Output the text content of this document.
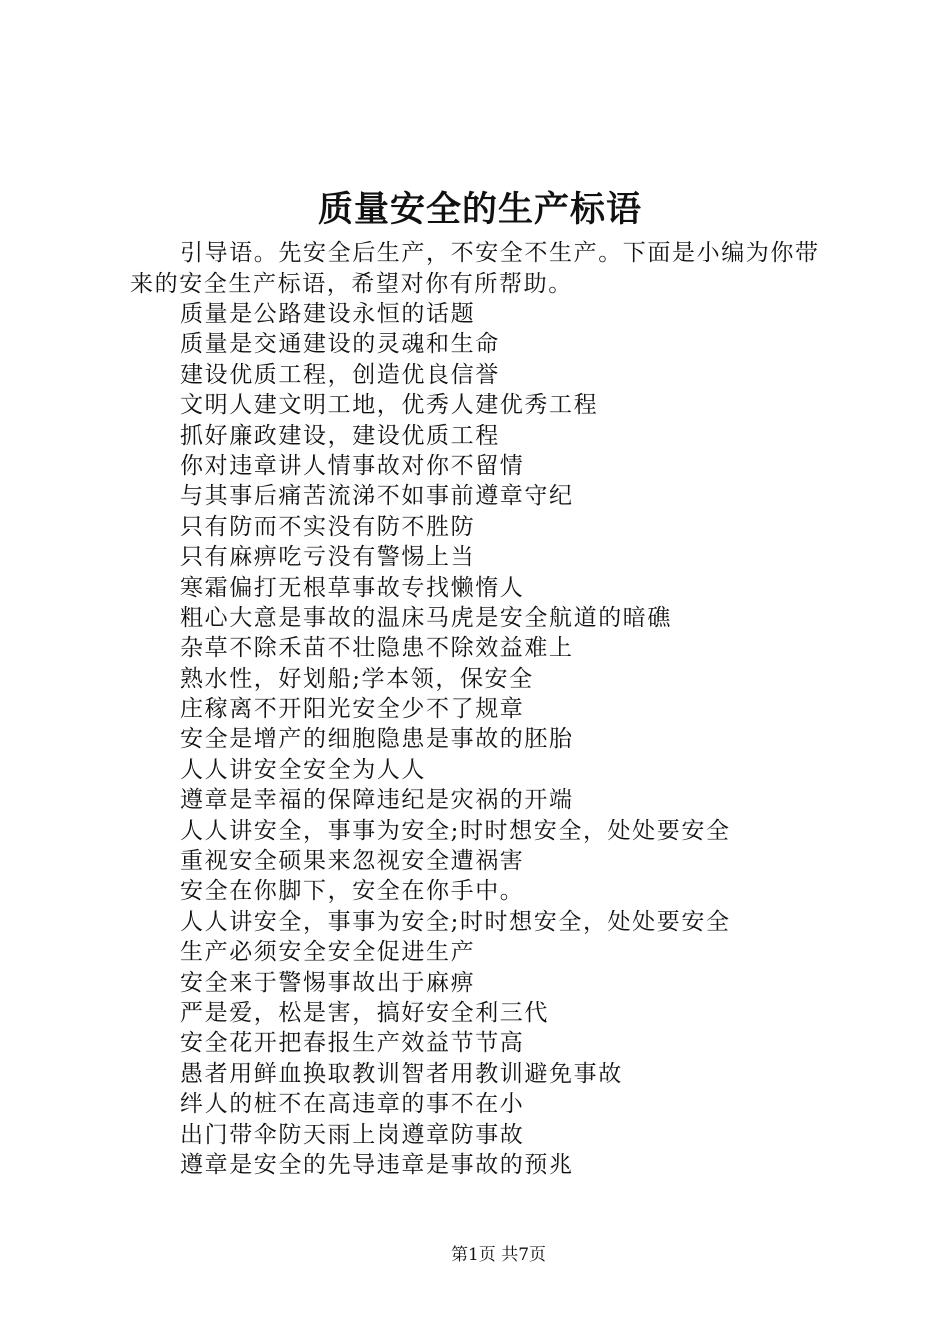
质量安全的生产标语

引导语。先安全后生产，不安全不生产。下面是小编为你带来的安全生产标语，希望对你有所帮助。

质量是公路建设永恒的话题
质量是交通建设的灵魂和生命
建设优质工程，创造优良信誉
文明人建文明工地，优秀人建优秀工程
抓好廉政建设，建设优质工程
你对违章讲人情事故对你不留情
与其事后痛苦流涕不如事前遵章守纪
只有防而不实没有防不胜防
只有麻痹吃亏没有警惕上当
寒霜偏打无根草事故专找懒惰人
粗心大意是事故的温床马虎是安全航道的暗礁
杂草不除禾苗不壮隐患不除效益难上
熟水性，好划船;学本领，保安全
庄稼离不开阳光安全少不了规章
安全是增产的细胞隐患是事故的胚胎
人人讲安全安全为人人
遵章是幸福的保障违纪是灾祸的开端
人人讲安全，事事为安全;时时想安全，处处要安全
重视安全硕果来忽视安全遭祸害
安全在你脚下，安全在你手中。
人人讲安全，事事为安全;时时想安全，处处要安全
生产必须安全安全促进生产
安全来于警惕事故出于麻痹
严是爱，松是害，搞好安全利三代
安全花开把春报生产效益节节高
愚者用鲜血换取教训智者用教训避免事故
绊人的桩不在高违章的事不在小
出门带伞防天雨上岗遵章防事故
遵章是安全的先导违章是事故的预兆

第1页 共7页
